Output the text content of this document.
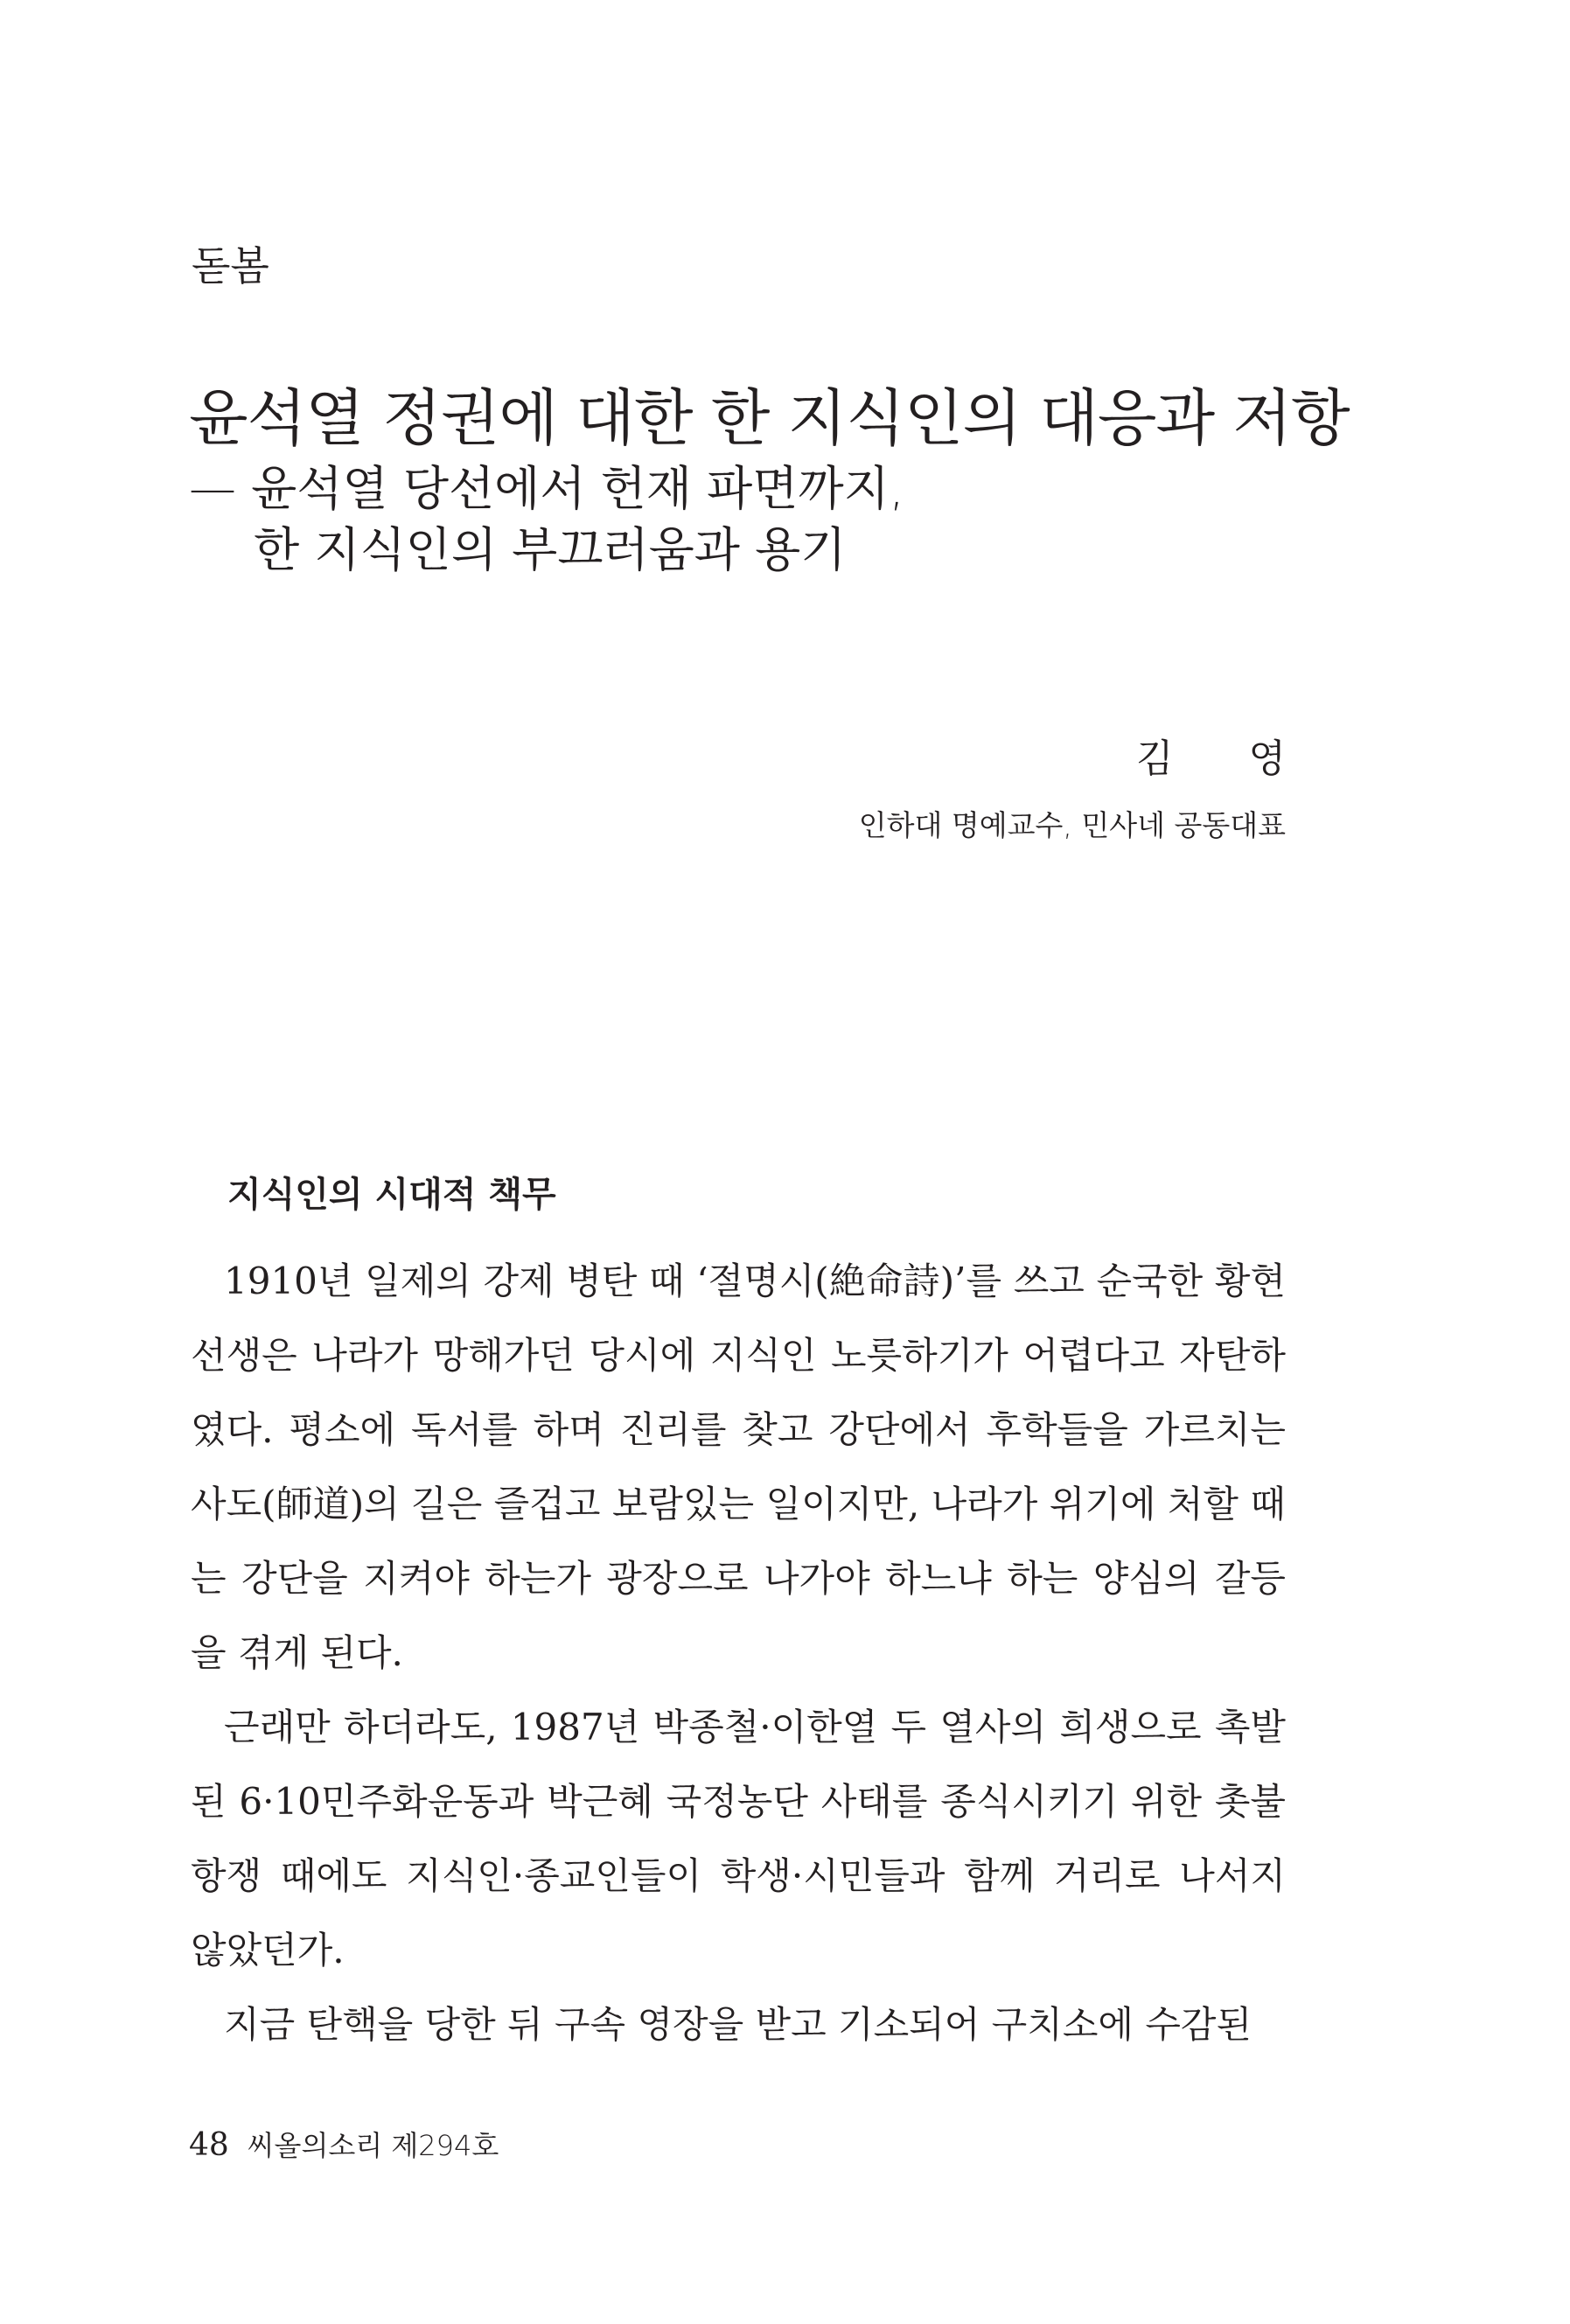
돋봄
윤석열 정권에 대한 한 지식인의 대응과 저항
— 윤석열 당선에서 헌재 파면까지,
한 지식인의 부끄러움과 용기
김 영
인하대 명예교수, 민사네 공동대표
지식인의 시대적 책무

1910년 일제의 강제 병탄 때 ‘절명시(絶命詩)’를 쓰고 순국한 황현 선생은 나라가 망해가던 당시에 지식인 노릇하기가 어렵다고 자탄하였다. 평소에 독서를 하며 진리를 찾고 강단에서 후학들을 가르치는 사도(師道)의 길은 즐겁고 보람있는 일이지만, 나라가 위기에 처할 때는 강단을 지켜야 하는가 광장으로 나가야 하느냐 하는 양심의 갈등을 겪게 된다.

근래만 하더라도, 1987년 박종철·이한열 두 열사의 희생으로 촉발된 6·10민주화운동과 박근혜 국정농단 사태를 종식시키기 위한 촛불항쟁 때에도 지식인·종교인들이 학생·시민들과 함께 거리로 나서지 않았던가.

지금 탄핵을 당한 뒤 구속 영장을 받고 기소되어 구치소에 수감된

48 씨올의소리 제294호
